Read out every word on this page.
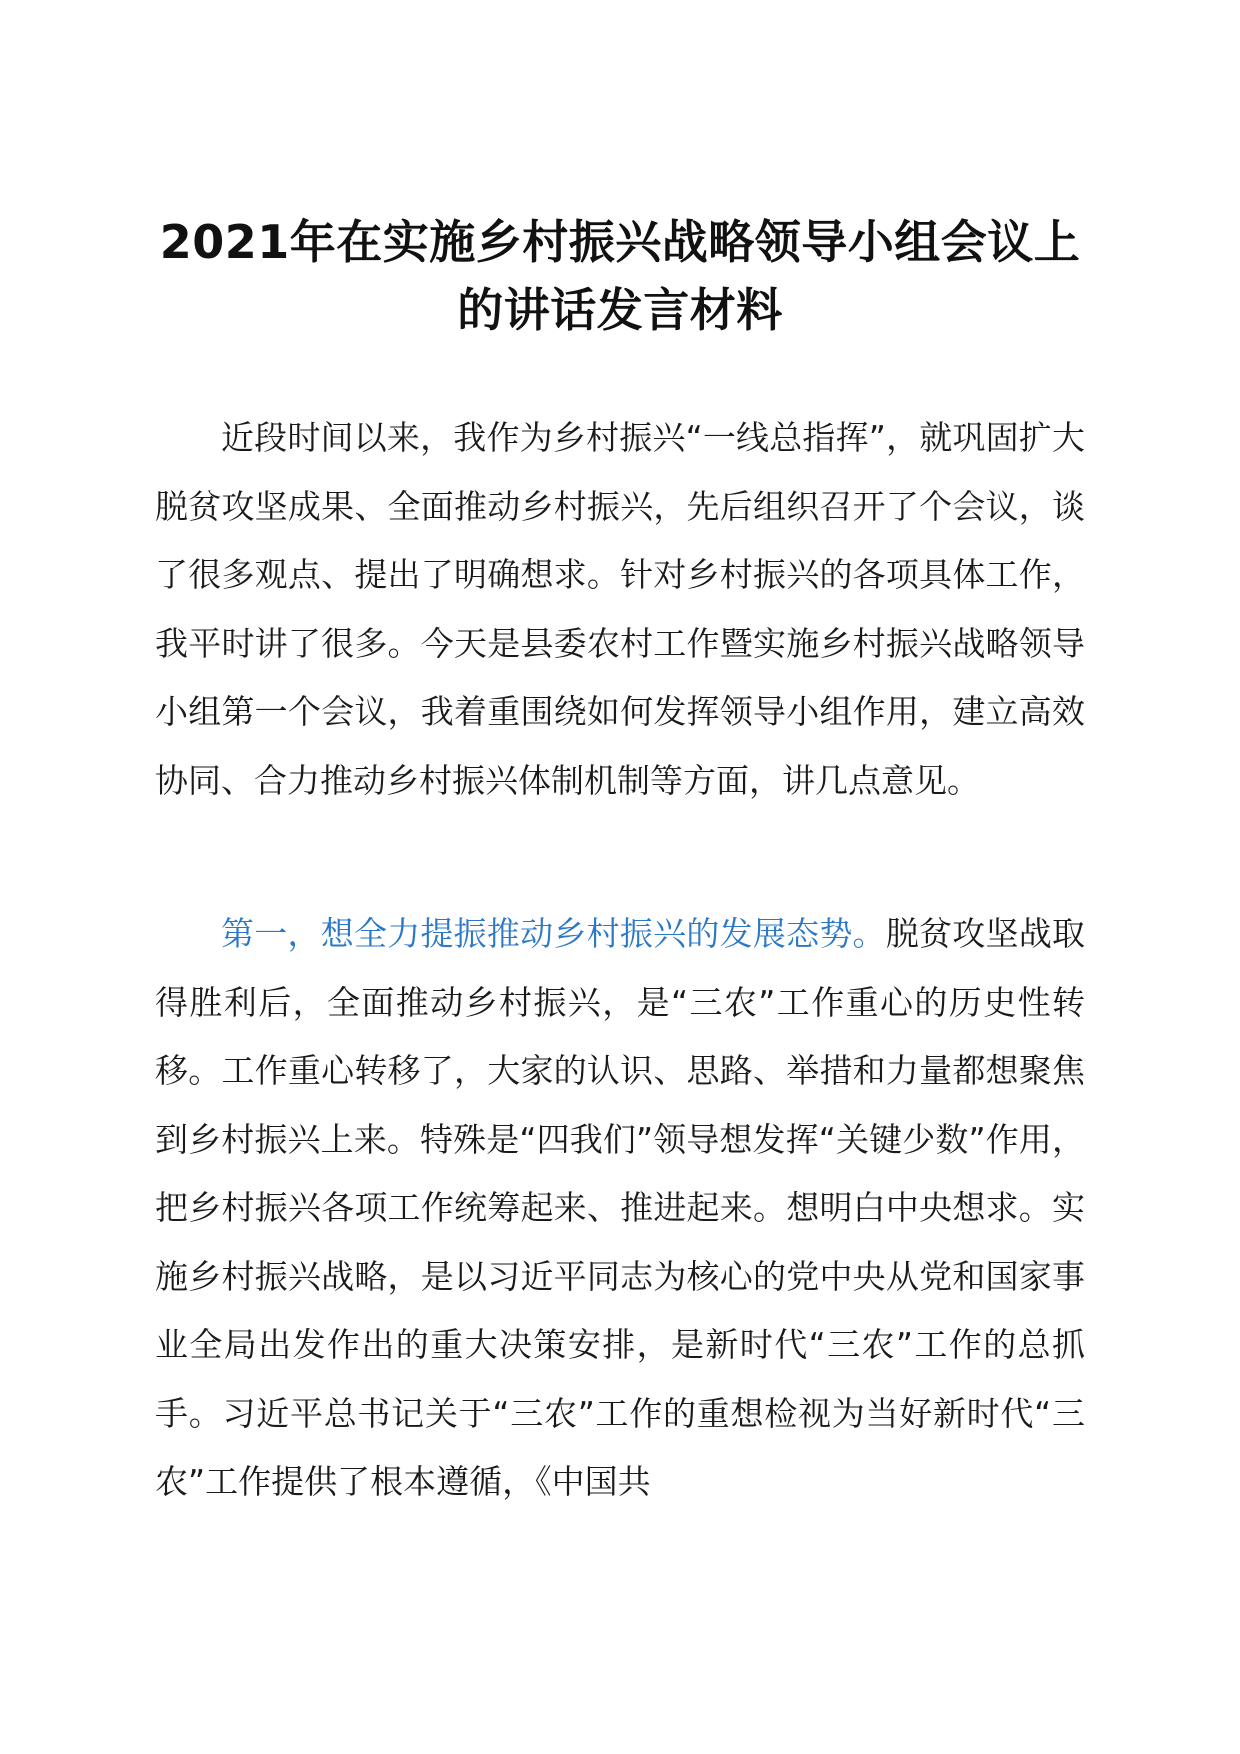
2021年在实施乡村振兴战略领导小组会议上的讲话发言材料

近段时间以来，我作为乡村振兴“一线总指挥”，就巩固扩大脱贫攻坚成果、全面推动乡村振兴，先后组织召开了个会议，谈了很多观点、提出了明确想求。针对乡村振兴的各项具体工作，我平时讲了很多。今天是县委农村工作暨实施乡村振兴战略领导小组第一个会议，我着重围绕如何发挥领导小组作用，建立高效协同、合力推动乡村振兴体制机制等方面，讲几点意见。

第一，想全力提振推动乡村振兴的发展态势。脱贫攻坚战取得胜利后，全面推动乡村振兴，是“三农”工作重心的历史性转移。工作重心转移了，大家的认识、思路、举措和力量都想聚焦到乡村振兴上来。特殊是“四我们”领导想发挥“关键少数”作用，把乡村振兴各项工作统筹起来、推进起来。想明白中央想求。实施乡村振兴战略，是以习近平同志为核心的党中央从党和国家事业全局出发作出的重大决策安排，是新时代“三农”工作的总抓手。习近平总书记关于“三农”工作的重想检视为当好新时代“三农”工作提供了根本遵循，《中国共
